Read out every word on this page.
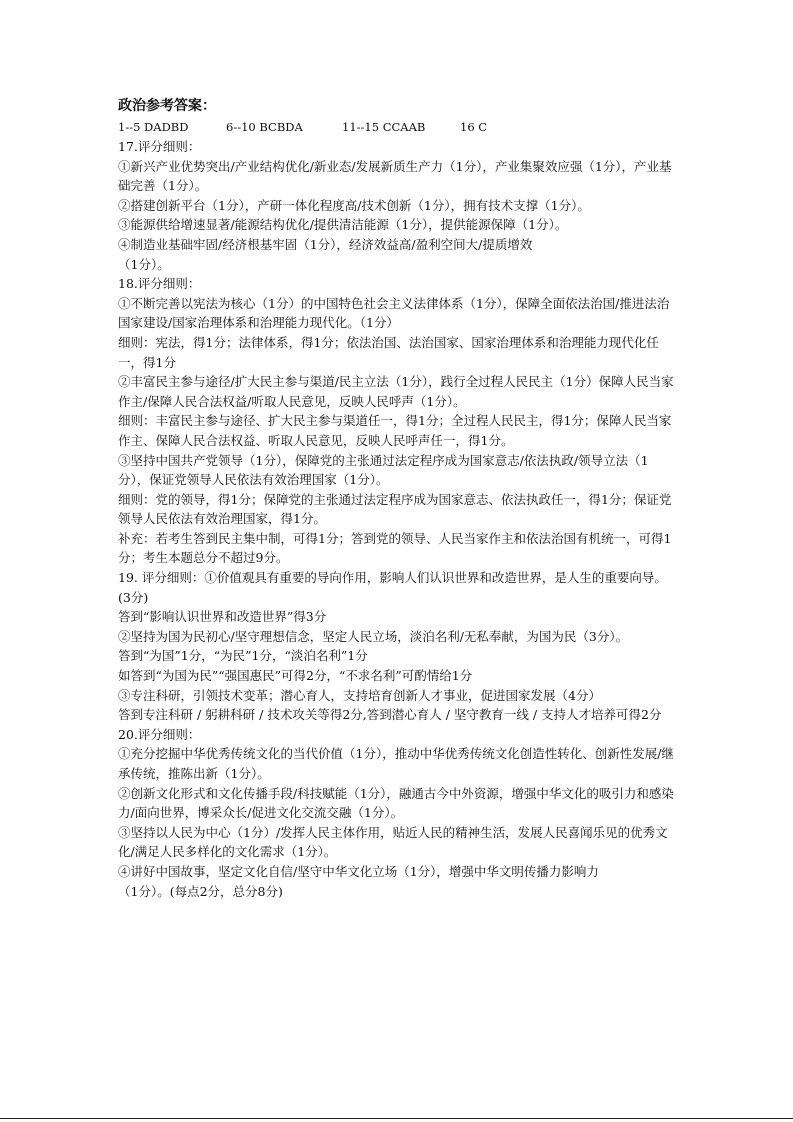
政治参考答案：
1--5 DADBD	6--10 BCBDA	11--15 CCAAB	16 C
17.评分细则：
①新兴产业优势突出/产业结构优化/新业态/发展新质生产力（1分），产业集聚效应强（1分），产业基础完善（1分）。
②搭建创新平台（1分），产研一体化程度高/技术创新（1分），拥有技术支撑（1分）。
③能源供给增速显著/能源结构优化/提供清洁能源（1分），提供能源保障（1分）。
④制造业基础牢固/经济根基牢固（1分），经济效益高/盈利空间大/提质增效
（1分）。
18.评分细则：
①不断完善以宪法为核心（1分）的中国特色社会主义法律体系（1分），保障全面依法治国/推进法治国家建设/国家治理体系和治理能力现代化。（1分）
细则：宪法，得1分；法律体系，得1分；依法治国、法治国家、国家治理体系和治理能力现代化任一，得1分
②丰富民主参与途径/扩大民主参与渠道/民主立法（1分），践行全过程人民民主（1分）保障人民当家作主/保障人民合法权益/听取人民意见，反映人民呼声（1分）。
细则：丰富民主参与途径、扩大民主参与渠道任一，得1分；全过程人民民主，得1分；保障人民当家作主、保障人民合法权益、听取人民意见，反映人民呼声任一，得1分。
③坚持中国共产党领导（1分），保障党的主张通过法定程序成为国家意志/依法执政/领导立法（1分），保证党领导人民依法有效治理国家（1分）。
细则：党的领导，得1分；保障党的主张通过法定程序成为国家意志、依法执政任一，得1分；保证党领导人民依法有效治理国家，得1分。
补充：若考生答到民主集中制，可得1分；答到党的领导、人民当家作主和依法治国有机统一，可得1分；考生本题总分不超过9分。
19. 评分细则：①价值观具有重要的导向作用，影响人们认识世界和改造世界，是人生的重要向导。(3分)
答到“影响认识世界和改造世界”得3分
②坚持为国为民初心/坚守理想信念，坚定人民立场，淡泊名利/无私奉献，为国为民（3分）。
答到“为国”1分，“为民”1分，“淡泊名利”1分
如答到“为国为民”“强国惠民”可得2分，“不求名利”可酌情给1分
③专注科研，引领技术变革；潜心育人，支持培育创新人才事业，促进国家发展（4分）
答到专注科研 / 躬耕科研 / 技术攻关等得2分,答到潜心育人 / 坚守教育一线 / 支持人才培养可得2分
20.评分细则：
①充分挖掘中华优秀传统文化的当代价值（1分），推动中华优秀传统文化创造性转化、创新性发展/继承传统，推陈出新（1分）。
②创新文化形式和文化传播手段/科技赋能（1分），融通古今中外资源，增强中华文化的吸引力和感染力/面向世界，博采众长/促进文化交流交融（1分）。
③坚持以人民为中心（1分）/发挥人民主体作用，贴近人民的精神生活，发展人民喜闻乐见的优秀文化/满足人民多样化的文化需求（1分）。
④讲好中国故事，坚定文化自信/坚守中华文化立场（1分），增强中华文明传播力影响力
（1分）。(每点2分，总分8分)
